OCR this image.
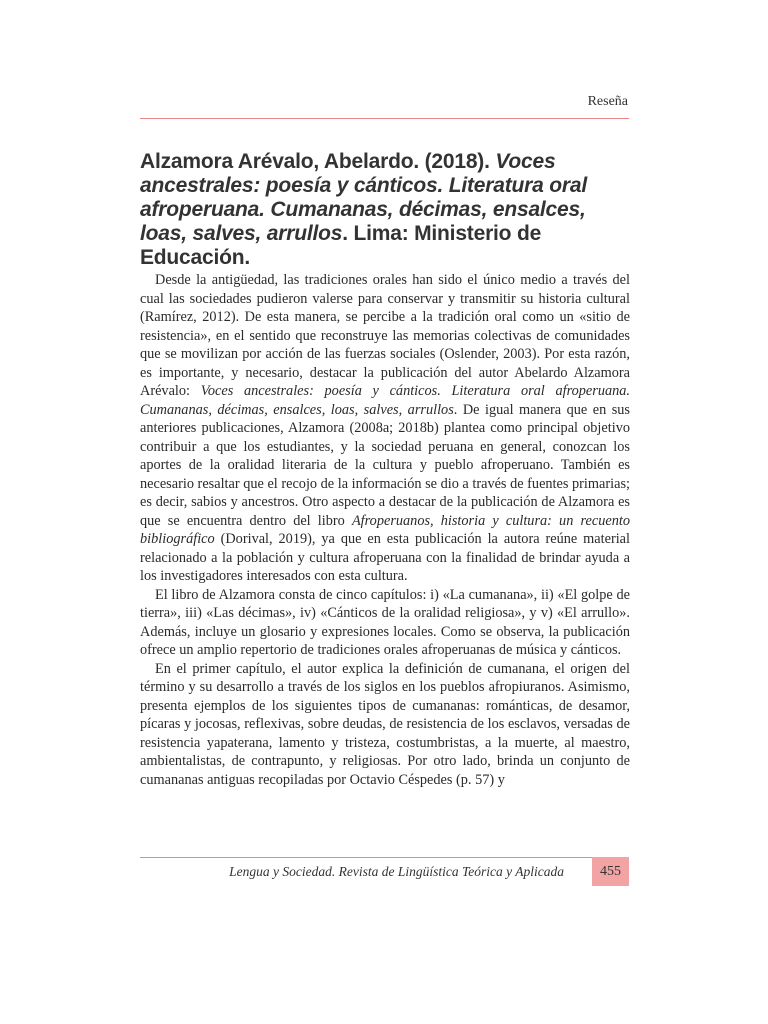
Reseña
Alzamora Arévalo, Abelardo. (2018). Voces ancestrales: poesía y cánticos. Literatura oral afroperuana. Cumananas, décimas, ensalces, loas, salves, arrullos. Lima: Ministerio de Educación.

Desde la antigüedad, las tradiciones orales han sido el único medio a través del cual las sociedades pudieron valerse para conservar y transmitir su historia cultural (Ramírez, 2012). De esta manera, se percibe a la tradición oral como un «sitio de resistencia», en el sentido que reconstruye las memorias colectivas de comunidades que se movilizan por acción de las fuerzas sociales (Oslender, 2003). Por esta razón, es importante, y necesario, destacar la publicación del autor Abelardo Alzamora Arévalo: Voces ancestrales: poesía y cánticos. Literatura oral afroperuana. Cumananas, décimas, ensalces, loas, salves, arrullos. De igual manera que en sus anteriores publicaciones, Alzamora (2008a; 2018b) plantea como principal objetivo contribuir a que los estudiantes, y la sociedad peruana en general, conozcan los aportes de la oralidad literaria de la cultura y pueblo afroperuano. También es necesario resaltar que el recojo de la información se dio a través de fuentes primarias; es decir, sabios y ancestros. Otro aspecto a destacar de la publicación de Alzamora es que se encuentra dentro del libro Afroperuanos, historia y cultura: un recuento bibliográfico (Dorival, 2019), ya que en esta publicación la autora reúne material relacionado a la población y cultura afroperuana con la finalidad de brindar ayuda a los investigadores interesados con esta cultura.

El libro de Alzamora consta de cinco capítulos: i) «La cumanana», ii) «El golpe de tierra», iii) «Las décimas», iv) «Cánticos de la oralidad religiosa», y v) «El arrullo». Además, incluye un glosario y expresiones locales. Como se observa, la publicación ofrece un amplio repertorio de tradiciones orales afroperuanas de música y cánticos.

En el primer capítulo, el autor explica la definición de cumanana, el origen del término y su desarrollo a través de los siglos en los pueblos afropiuranos. Asimismo, presenta ejemplos de los siguientes tipos de cumananas: románticas, de desamor, pícaras y jocosas, reflexivas, sobre deudas, de resistencia de los esclavos, versadas de resistencia yapaterana, lamento y tristeza, costumbristas, a la muerte, al maestro, ambientalistas, de contrapunto, y religiosas. Por otro lado, brinda un conjunto de cumananas antiguas recopiladas por Octavio Céspedes (p. 57) y

Lengua y Sociedad. Revista de Lingüística Teórica y Aplicada	455
